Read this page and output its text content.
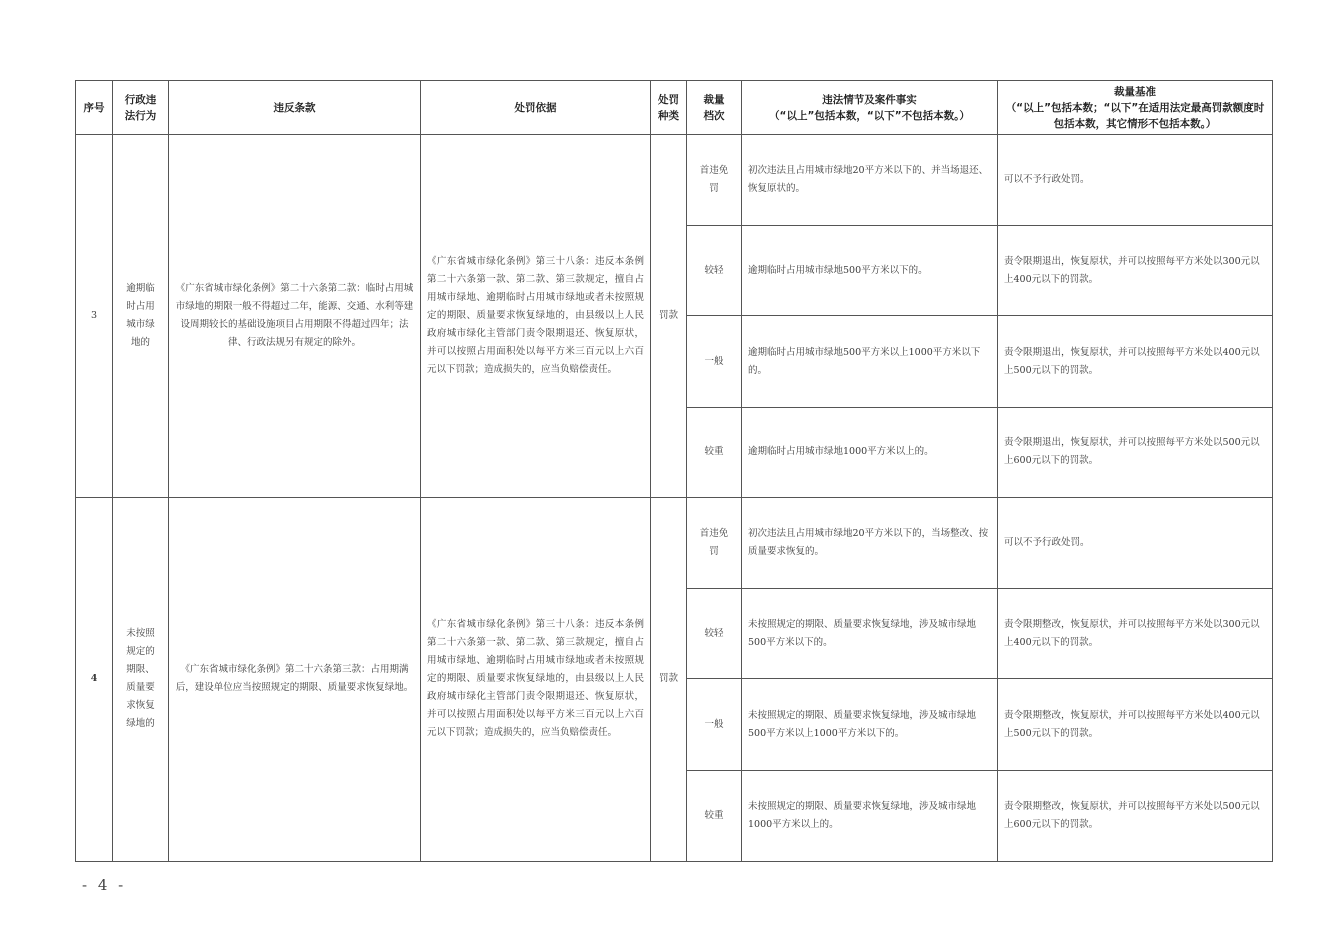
序号	行政违法行为	违反条款	处罚依据	处罚种类	裁量档次	违法情节及案件事实
（“以上”包括本数，“以下”不包括本数。）	裁量基准
（“以上”包括本数；“以下”在适用法定最高罚款额度时包括本数，其它情形不包括本数。）

3	逾期临时占用城市绿地的	《广东省城市绿化条例》第二十六条第二款：临时占用城市绿地的期限一般不得超过二年，能源、交通、水利等建设周期较长的基础设施项目占用期限不得超过四年；法律、行政法规另有规定的除外。	《广东省城市绿化条例》第三十八条：违反本条例第二十六条第一款、第二款、第三款规定，擅自占用城市绿地、逾期临时占用城市绿地或者未按照规定的期限、质量要求恢复绿地的，由县级以上人民政府城市绿化主管部门责令限期退还、恢复原状，并可以按照占用面积处以每平方米三百元以上六百元以下罚款；造成损失的，应当负赔偿责任。	罚款	首违免罚	初次违法且占用城市绿地20平方米以下的、并当场退还、恢复原状的。	可以不予行政处罚。
					较轻	逾期临时占用城市绿地500平方米以下的。	责令限期退出，恢复原状，并可以按照每平方米处以300元以上400元以下的罚款。
					一般	逾期临时占用城市绿地500平方米以上1000平方米以下的。	责令限期退出，恢复原状，并可以按照每平方米处以400元以上500元以下的罚款。
					较重	逾期临时占用城市绿地1000平方米以上的。	责令限期退出，恢复原状，并可以按照每平方米处以500元以上600元以下的罚款。
4	未按照规定的期限、质量要求恢复绿地的	《广东省城市绿化条例》第二十六条第三款：占用期满后，建设单位应当按照规定的期限、质量要求恢复绿地。	《广东省城市绿化条例》第三十八条：违反本条例第二十六条第一款、第二款、第三款规定，擅自占用城市绿地、逾期临时占用城市绿地或者未按照规定的期限、质量要求恢复绿地的，由县级以上人民政府城市绿化主管部门责令限期退还、恢复原状，并可以按照占用面积处以每平方米三百元以上六百元以下罚款；造成损失的，应当负赔偿责任。	罚款	首违免罚	初次违法且占用城市绿地20平方米以下的，当场整改、按质量要求恢复的。	可以不予行政处罚。
					较轻	未按照规定的期限、质量要求恢复绿地，涉及城市绿地500平方米以下的。	责令限期整改，恢复原状，并可以按照每平方米处以300元以上400元以下的罚款。
					一般	未按照规定的期限、质量要求恢复绿地，涉及城市绿地500平方米以上1000平方米以下的。	责令限期整改，恢复原状，并可以按照每平方米处以400元以上500元以下的罚款。
					较重	未按照规定的期限、质量要求恢复绿地，涉及城市绿地1000平方米以上的。	责令限期整改，恢复原状，并可以按照每平方米处以500元以上600元以下的罚款。
- 4 -
